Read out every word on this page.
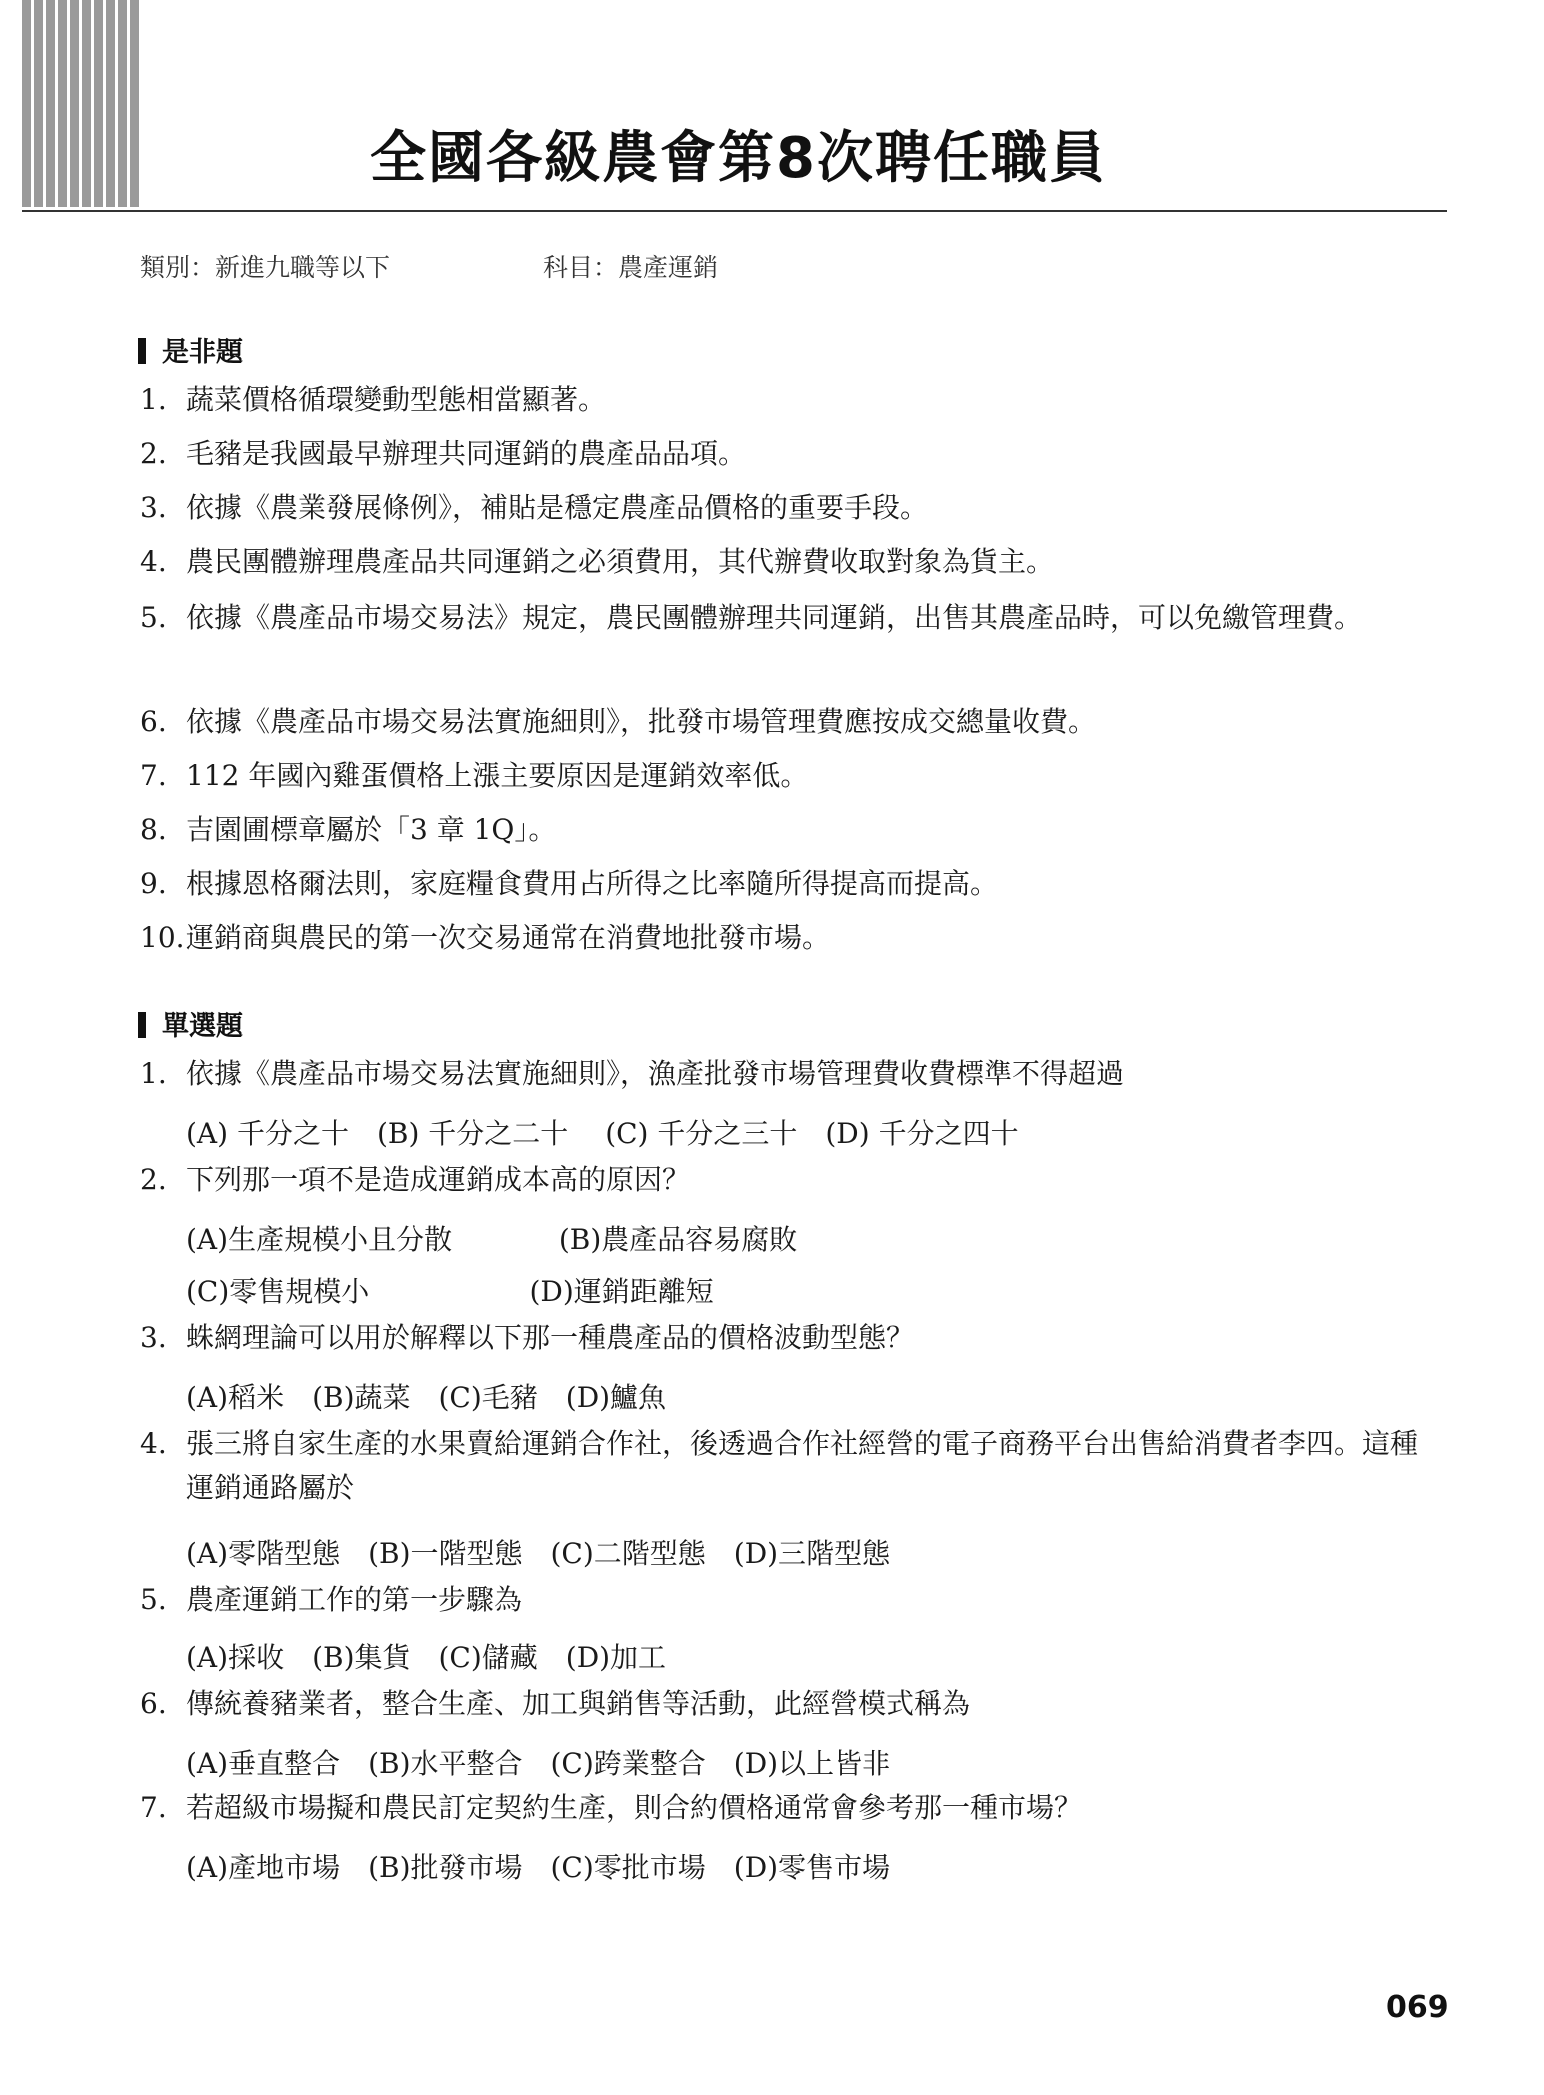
全國各級農會第8次聘任職員
類別：新進九職等以下	科目：農產運銷
是非題
1. 蔬菜價格循環變動型態相當顯著。
2. 毛豬是我國最早辦理共同運銷的農產品品項。
3. 依據《農業發展條例》，補貼是穩定農產品價格的重要手段。
4. 農民團體辦理農產品共同運銷之必須費用，其代辦費收取對象為貨主。
5. 依據《農產品市場交易法》規定，農民團體辦理共同運銷，出售其農產品時，可以免繳管理費。
6. 依據《農產品市場交易法實施細則》，批發市場管理費應按成交總量收費。
7. 112 年國內雞蛋價格上漲主要原因是運銷效率低。
8. 吉園圃標章屬於「3 章 1Q」。
9. 根據恩格爾法則，家庭糧食費用占所得之比率隨所得提高而提高。
10. 運銷商與農民的第一次交易通常在消費地批發市場。
單選題
1. 依據《農產品市場交易法實施細則》，漁產批發市場管理費收費標準不得超過
(A) 千分之十　(B) 千分之二十　 (C) 千分之三十　(D) 千分之四十
2. 下列那一項不是造成運銷成本高的原因？
(A)生產規模小且分散            (B)農產品容易腐敗
(C)零售規模小                  (D)運銷距離短
3. 蛛網理論可以用於解釋以下那一種農產品的價格波動型態？
(A)稻米　(B)蔬菜　(C)毛豬　(D)鱸魚
4. 張三將自家生產的水果賣給運銷合作社，後透過合作社經營的電子商務平台出售給消費者李四。這種運銷通路屬於
(A)零階型態　(B)一階型態　(C)二階型態　(D)三階型態
5. 農產運銷工作的第一步驟為
(A)採收　(B)集貨　(C)儲藏　(D)加工
6. 傳統養豬業者，整合生產、加工與銷售等活動，此經營模式稱為
(A)垂直整合　(B)水平整合　(C)跨業整合　(D)以上皆非
7. 若超級市場擬和農民訂定契約生產，則合約價格通常會參考那一種市場？
(A)產地市場　(B)批發市場　(C)零批市場　(D)零售市場
069
